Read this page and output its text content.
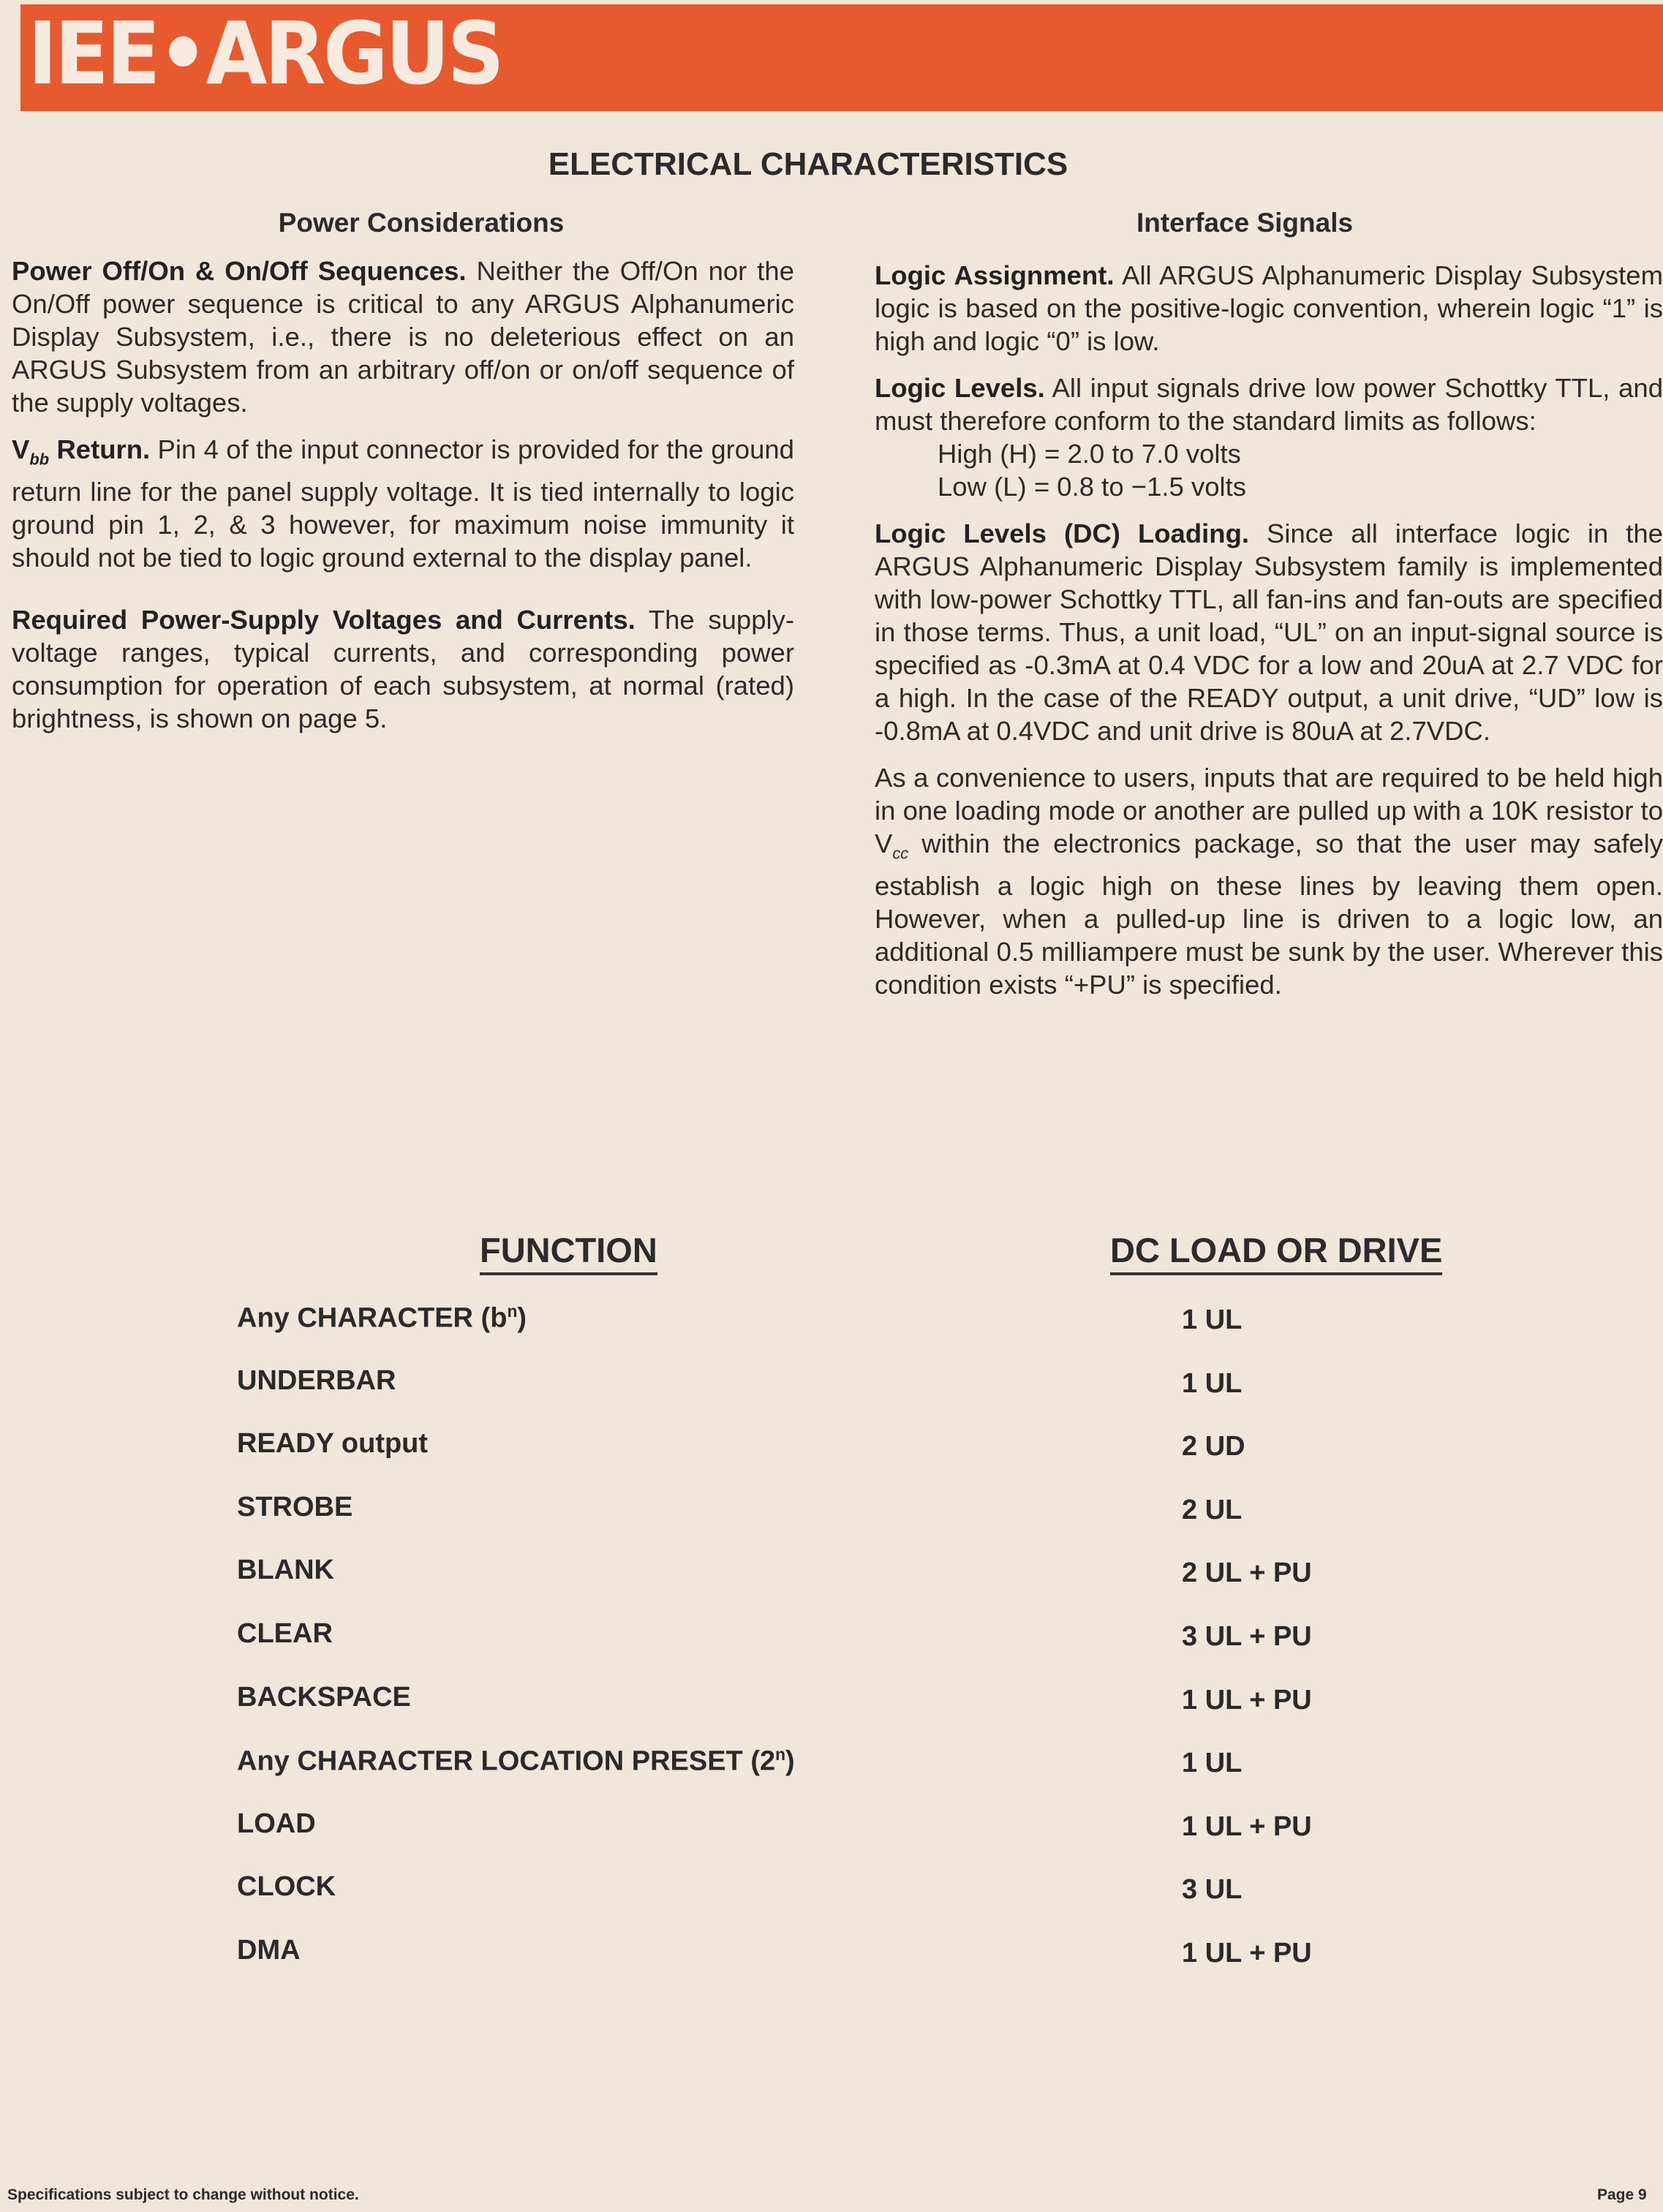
IEE•ARGUS
ELECTRICAL CHARACTERISTICS
Power Considerations	Interface Signals

Power Off/On & On/Off Sequences. Neither the Off/On nor the On/Off power sequence is critical to any ARGUS Alphanumeric Display Subsystem, i.e., there is no deleterious effect on an ARGUS Subsystem from an arbitrary off/on or on/off sequence of the supply voltages.

$V_{bb}$ Return. Pin 4 of the input connector is provided for the ground return line for the panel supply voltage. It is tied internally to logic ground pin 1, 2, & 3 however, for maximum noise immunity it should not be tied to logic ground external to the display panel.

Required Power-Supply Voltages and Currents. The supply-voltage ranges, typical currents, and corresponding power consumption for operation of each subsystem, at normal (rated) brightness, is shown on page 5.

Logic Assignment. All ARGUS Alphanumeric Display Subsystem logic is based on the positive-logic convention, wherein logic “1” is high and logic “0” is low.

Logic Levels. All input signals drive low power Schottky TTL, and must therefore conform to the standard limits as follows:

High (H) = 2.0 to 7.0 volts

Low (L) = 0.8 to −1.5 volts

Logic Levels (DC) Loading. Since all interface logic in the ARGUS Alphanumeric Display Subsystem family is implemented with low-power Schottky TTL, all fan-ins and fan-outs are specified in those terms. Thus, a unit load, “UL” on an input-signal source is specified as -0.3mA at 0.4 VDC for a low and 20uA at 2.7 VDC for a high. In the case of the READY output, a unit drive, “UD” low is -0.8mA at 0.4VDC and unit drive is 80uA at 2.7VDC.

As a convenience to users, inputs that are required to be held high in one loading mode or another are pulled up with a 10K resistor to $V_{cc}$ within the electronics package, so that the user may safely establish a logic high on these lines by leaving them open. However, when a pulled-up line is driven to a logic low, an additional 0.5 milliampere must be sunk by the user. Wherever this condition exists “+PU” is specified.

FUNCTION	DC LOAD OR DRIVE
Any CHARACTER $(b^n)$	1 UL
UNDERBAR	1 UL
READY output	2 UD
STROBE	2 UL
BLANK	2 UL + PU
CLEAR	3 UL + PU
BACKSPACE	1 UL + PU
Any CHARACTER LOCATION PRESET (2$^n$)	1 UL
LOAD	1 UL + PU
CLOCK	3 UL
DMA	1 UL + PU
Specifications subject to change without notice.	Page 9
